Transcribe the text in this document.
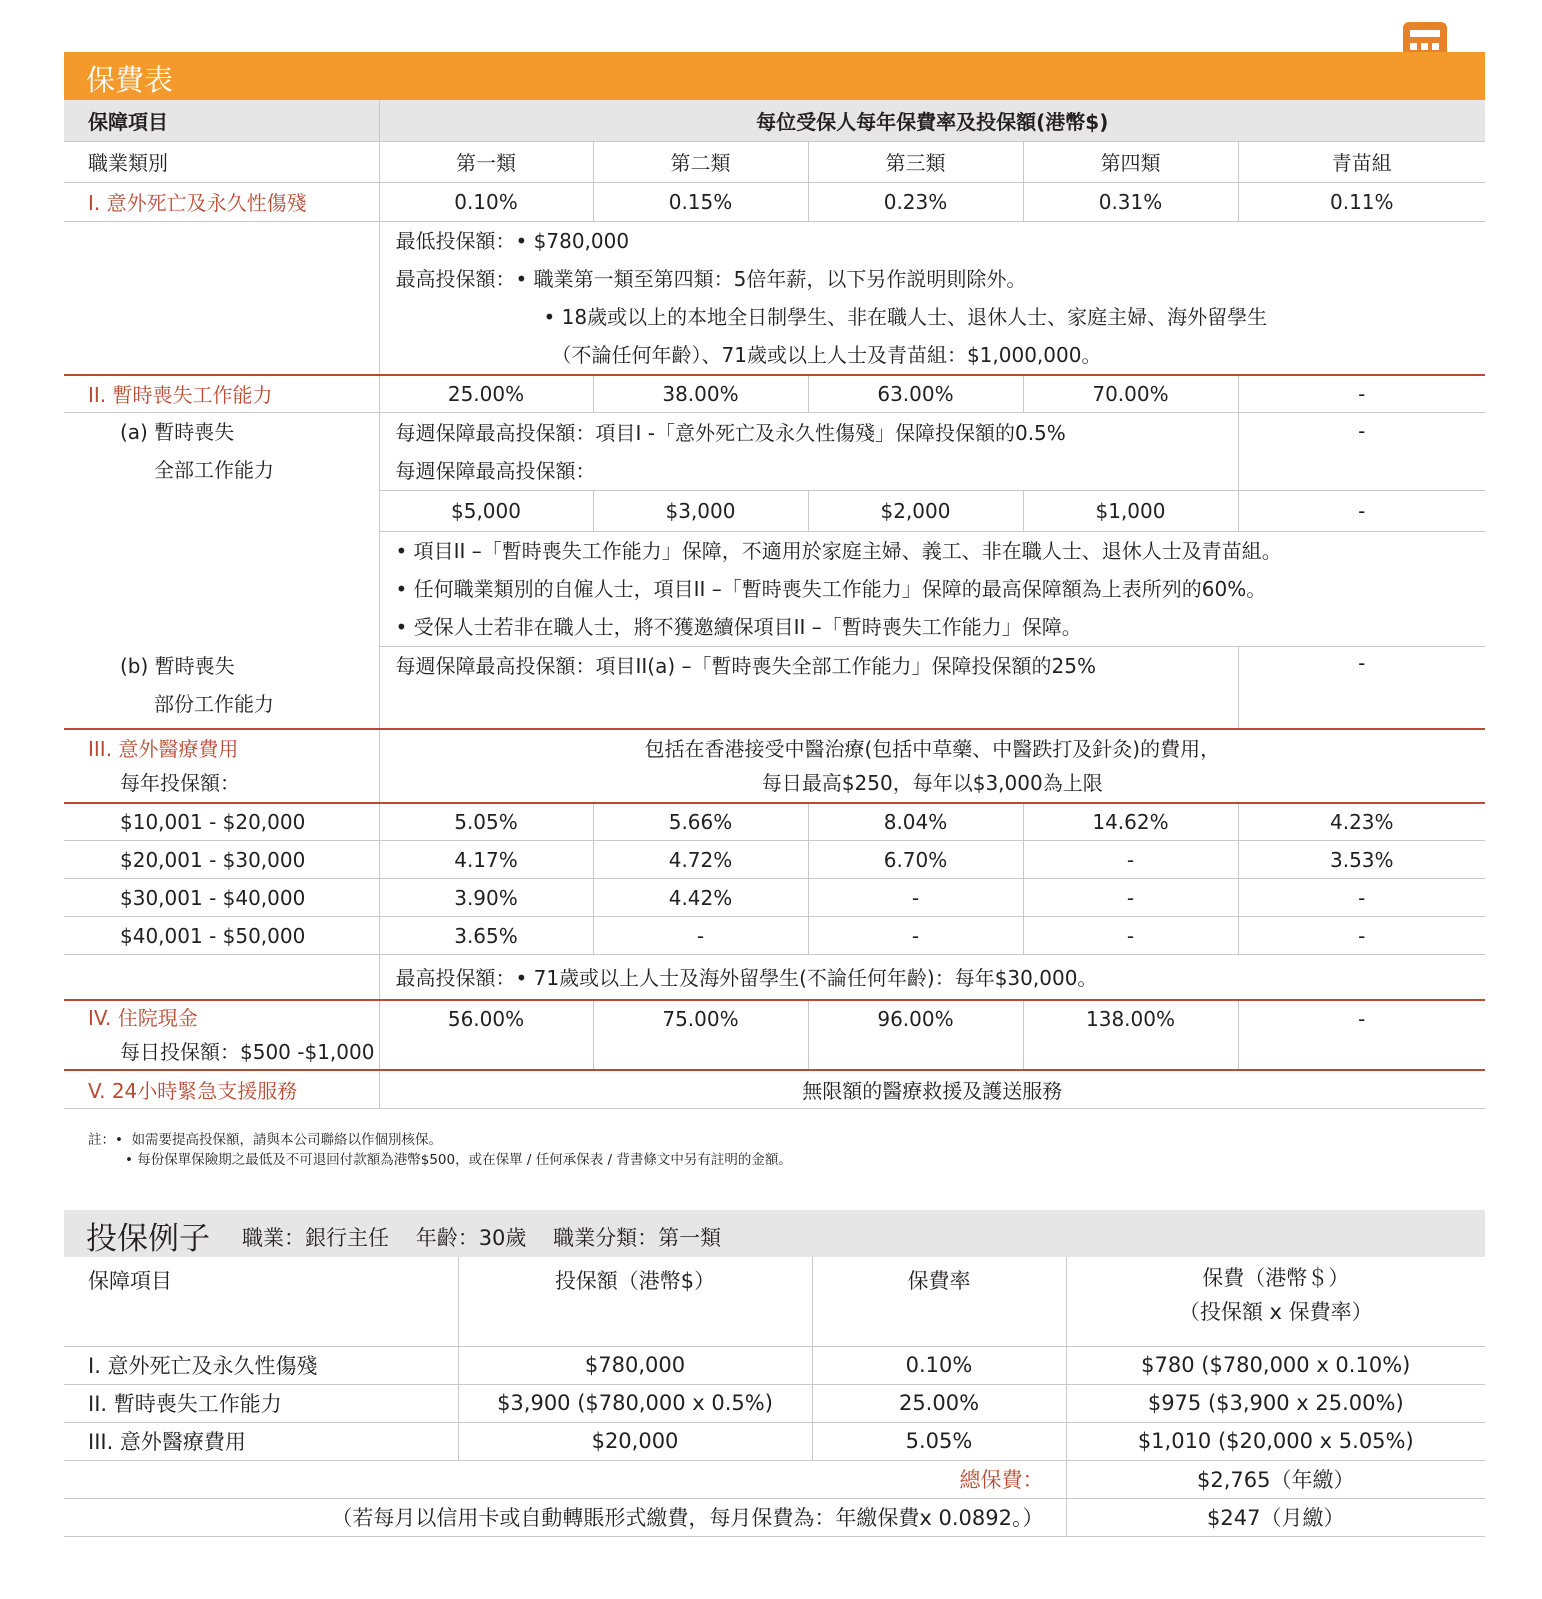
保費表
保障項目	每位受保人每年保費率及投保額(港幣$)				
職業類別	第一類	第二類	第三類	第四類	青苗組
I. 意外死亡及永久性傷殘	0.10%	0.15%	0.23%	0.31%	0.11%

	最低投保額：• $780,000
最高投保額：• 職業第一類至第四類：5倍年薪，以下另作説明則除外。
• 18歲或以上的本地全日制學生、非在職人士、退休人士、家庭主婦、海外留學生
（不論任何年齡）、71歲或以上人士及青苗組：$1,000,000。				

II. 暫時喪失工作能力	25.00%	38.00%	63.00%	70.00%	-

(a) 暫時喪失
全部工作能力	每週保障最高投保額：項目I -「意外死亡及永久性傷殘」保障投保額的0.5%
每週保障最高投保額：				-
	$5,000	$3,000	$2,000	$1,000	-

	• 項目II –「暫時喪失工作能力」保障，不適用於家庭主婦、義工、非在職人士、退休人士及青苗組。
• 任何職業類別的自僱人士，項目II –「暫時喪失工作能力」保障的最高保障額為上表所列的60%。
• 受保人士若非在職人士，將不獲邀續保項目II –「暫時喪失工作能力」保障。				

(b) 暫時喪失
部份工作能力	每週保障最高投保額：項目II(a) –「暫時喪失全部工作能力」保障投保額的25%				-

III. 意外醫療費用
每年投保額：	包括在香港接受中醫治療(包括中草藥、中醫跌打及針灸)的費用，
每日最高$250，每年以$3,000為上限				

$10,001 - $20,000	5.05%	5.66%	8.04%	14.62%	4.23%
$20,001 - $30,000	4.17%	4.72%	6.70%	-	3.53%
$30,001 - $40,000	3.90%	4.42%	-	-	-
$40,001 - $50,000	3.65%	-	-	-	-
	最高投保額：• 71歲或以上人士及海外留學生(不論任何年齡)：每年$30,000。				

IV. 住院現金
每日投保額：$500 -$1,000	56.00%	75.00%	96.00%	138.00%	-
V. 24小時緊急支援服務	無限額的醫療救援及護送服務				
註：• 如需要提高投保額，請與本公司聯絡以作個別核保。
• 每份保單保險期之最低及不可退回付款額為港幣$500，或在保單 / 任何承保表 / 背書條文中另有註明的金額。
投保例子 職業：銀行主任    年齡：30歲    職業分類：第一類
保障項目	投保額（港幣$）	保費率	保費（港幣＄）
（投保額 x 保費率）

I. 意外死亡及永久性傷殘	$780,000	0.10%	$780 ($780,000 x 0.10%)
II. 暫時喪失工作能力	$3,900 ($780,000 x 0.5%)	25.00%	$975 ($3,900 x 25.00%)
III. 意外醫療費用	$20,000	5.05%	$1,010 ($20,000 x 5.05%)
總保費：			$2,765（年繳）
（若每月以信用卡或自動轉賬形式繳費，每月保費為：年繳保費x 0.0892。）			$247（月繳）
